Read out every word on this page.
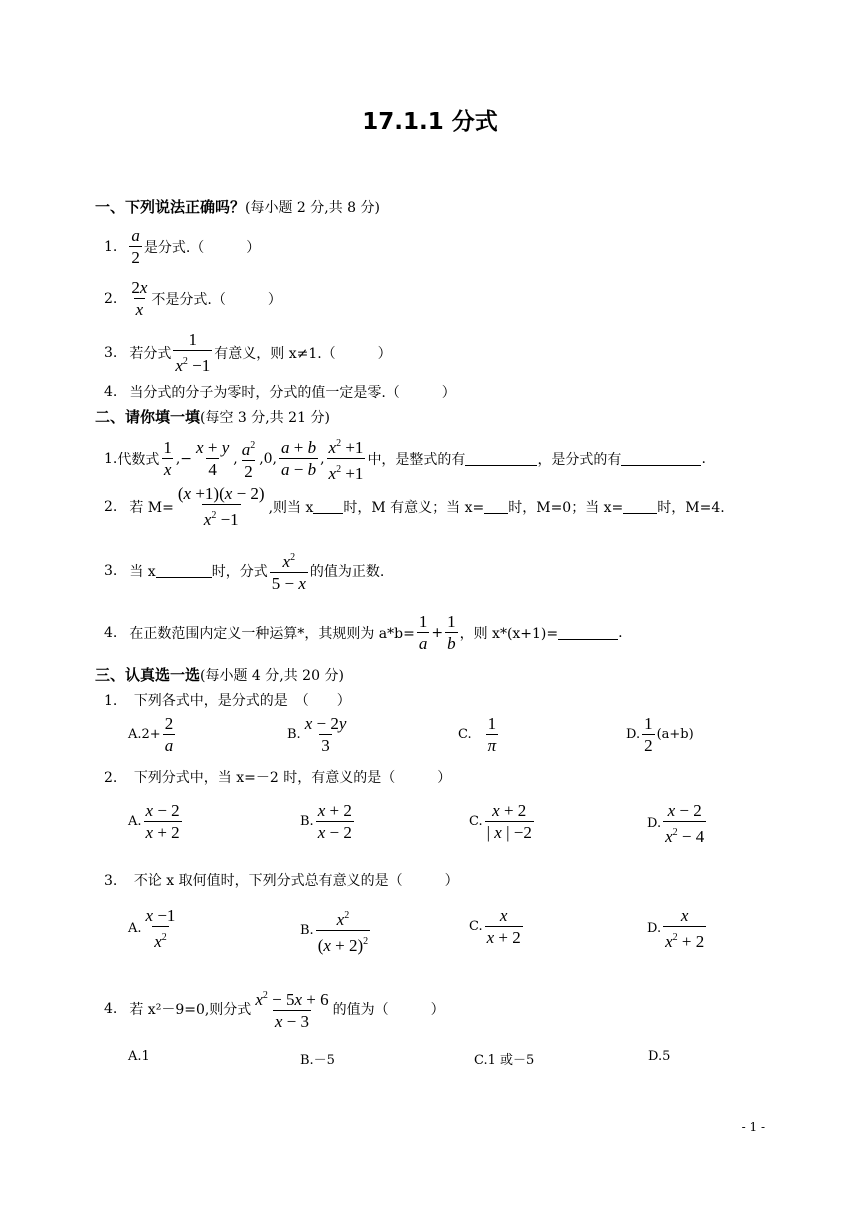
17.1.1 分式
一、下列说法正确吗？(每小题 2 分,共 8 分)
1. $\frac{a}{2}$ 是分式.（　　　）
2. $\frac{2x}{x}$ 不是分式.（　　　）
3. 若分式 $\frac{1}{x^2 -1}$ 有意义，则 x≠1.（　　　）
4. 当分式的分子为零时，分式的值一定是零.（　　　）
二、请你填一填(每空 3 分,共 21 分)
1. 代数式 $\frac{1}{x}$ ,− $\frac{x + y}{4}$ , $\frac{a^2}{2} ,0$, $\frac{a + b}{a - b}$ , $\frac{x^2 +1}{x^2 +1}$ 中，是整式的有	，是分式的有	.
2. 若 $M= \frac{(x +1)(x - 2)}{x^2 -1}$ ,则当 x 时，M 有意义；当 x= 时，M=0；当 x= 时，M=4.
3. 当 x	时，分式 $\frac{x^2}{5 - x}$ 的值为正数.
4. 在正数范围内定义一种运算*，其规则为 $a*b= \frac{1}{a} + \frac{1}{b}$ ，则 x*(x+1)=	.
三、认真选一选(每小题 4 分,共 20 分)
1. 下列各式中，是分式的是　（　　）
$A.2+ \frac{2}{a}$	B. $\frac{x - 2y}{3}$	C. $\frac{1}{\pi}$	D. $\frac{1}{2} (a+b)$
2. 下列分式中，当 x=－2 时，有意义的是（　　　）
A. $\frac{x - 2}{x + 2}$	B. $\frac{x + 2}{x - 2}$	C. $\frac{x + 2}{| x | -2}$	D. $\frac{x - 2}{x^2 - 4}$
3. 不论 x 取何值时，下列分式总有意义的是（　　　）
A. $\frac{x -1}{x^2}$	B. $\frac{x^2}{(x + 2)^2}$	C. $\frac{x}{x + 2}$	D. $\frac{x}{x^2 + 2}$
4. 若 x²－9=0,则分式 $\frac{x^2 - 5x + 6}{x - 3}$ 的值为（　　　）
A.1	B.－5	C.1 或－5	D.5
- 1 -
